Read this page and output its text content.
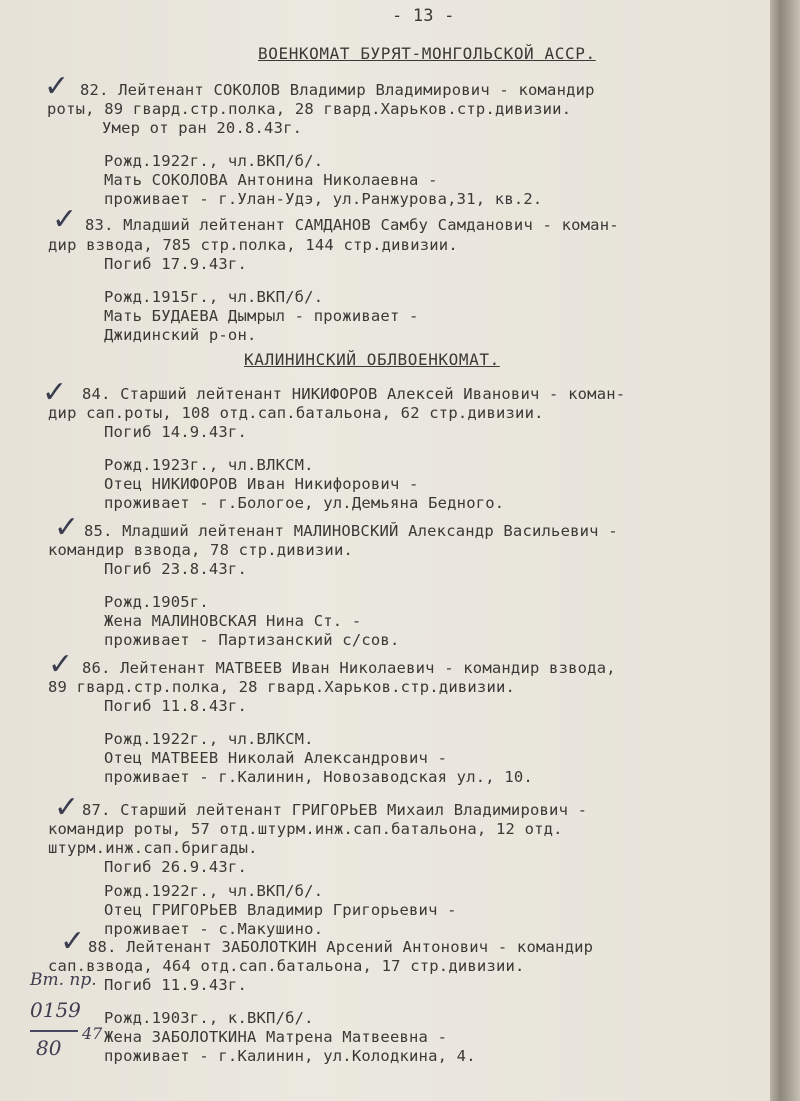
- 13 -
ВОЕНКОМАТ БУРЯТ-МОНГОЛЬСКОЙ АССР.
✓ 82. Лейтенант СОКОЛОВ Владимир Владимирович - командир
роты, 89 гвард.стр.полка, 28 гвард.Харьков.стр.дивизии.
Умер от ран 20.8.43г.
Рожд.1922г., чл.ВКП/б/.
Мать СОКОЛОВА Антонина Николаевна -
проживает - г.Улан-Удэ, ул.Ранжурова,31, кв.2.
✓ 83. Младший лейтенант САМДАНОВ Самбу Самданович - коман-
дир взвода, 785 стр.полка, 144 стр.дивизии.
Погиб 17.9.43г.
Рожд.1915г., чл.ВКП/б/.
Мать БУДАЕВА Дымрыл - проживает -
Джидинский р-он.
КАЛИНИНСКИЙ ОБЛВОЕНКОМАТ.
✓ 84. Старший лейтенант НИКИФОРОВ Алексей Иванович - коман-
дир сап.роты, 108 отд.сап.батальона, 62 стр.дивизии.
Погиб 14.9.43г.
Рожд.1923г., чл.ВЛКСМ.
Отец НИКИФОРОВ Иван Никифорович -
проживает - г.Бологое, ул.Демьяна Бедного.
✓ 85. Младший лейтенант МАЛИНОВСКИЙ Александр Васильевич -
командир взвода, 78 стр.дивизии.
Погиб 23.8.43г.
Рожд.1905г.
Жена МАЛИНОВСКАЯ Нина Ст. -
проживает - Партизанский с/сов.
✓ 86. Лейтенант МАТВЕЕВ Иван Николаевич - командир взвода,
89 гвард.стр.полка, 28 гвард.Харьков.стр.дивизии.
Погиб 11.8.43г.
Рожд.1922г., чл.ВЛКСМ.
Отец МАТВЕЕВ Николай Александрович -
проживает - г.Калинин, Новозаводская ул., 10.
✓ 87. Старший лейтенант ГРИГОРЬЕВ Михаил Владимирович -
командир роты, 57 отд.штурм.инж.сап.батальона, 12 отд.
штурм.инж.сап.бригады.
Погиб 26.9.43г.
Рожд.1922г., чл.ВКП/б/.
Отец ГРИГОРЬЕВ Владимир Григорьевич -
проживает - с.Макушино.
✓ 88. Лейтенант ЗАБОЛОТКИН Арсений Антонович - командир
сап.взвода, 464 отд.сап.батальона, 17 стр.дивизии.
Погиб 11.9.43г.
Рожд.1903г., к.ВКП/б/.
Жена ЗАБОЛОТКИНА Матрена Матвеевна -
проживает - г.Калинин, ул.Колодкина, 4.
Вт. пр.
0159
80
47
